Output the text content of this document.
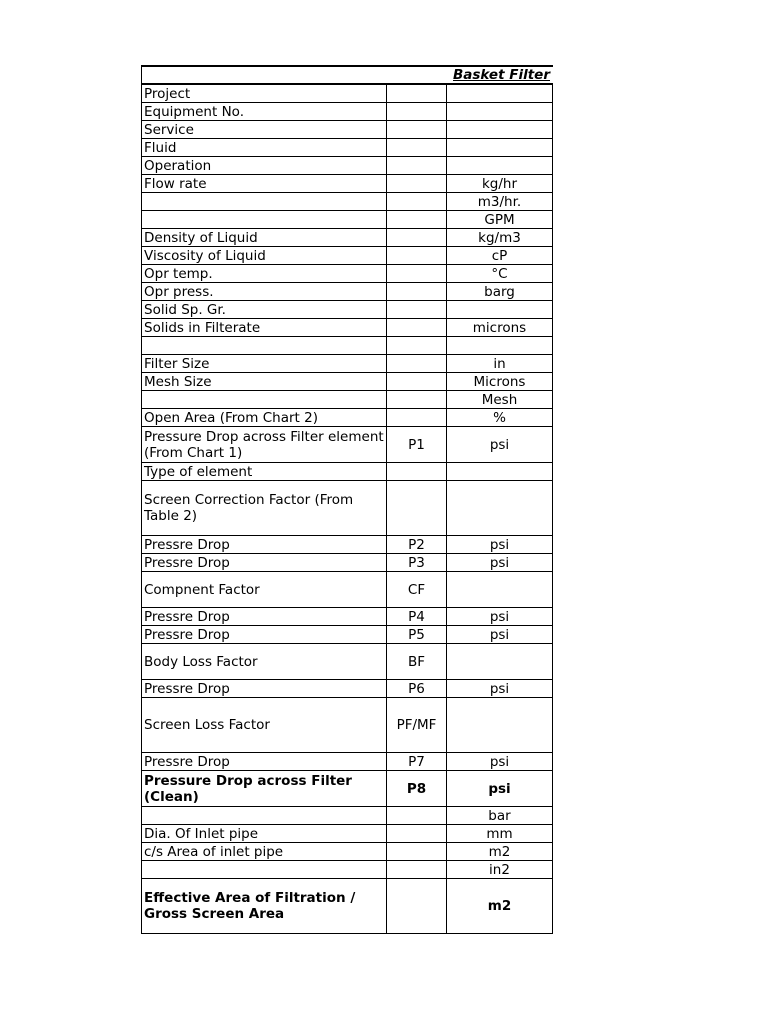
Basket Filter
Project		
Equipment No.		
Service		
Fluid		
Operation		
Flow rate		kg/hr
		m3/hr.
		GPM
Density of Liquid		kg/m3
Viscosity of Liquid		cP
Opr temp.		°C
Opr press.		barg
Solid Sp. Gr.		
Solids in Filterate		microns

Filter Size		in
Mesh Size		Microns
		Mesh
Open Area (From Chart 2)		%
Pressure Drop across Filter element (From Chart 1)	P1	psi
Type of element		
Screen Correction Factor (From Table 2)		
Pressre Drop	P2	psi
Pressre Drop	P3	psi
Compnent Factor	CF	
Pressre Drop	P4	psi
Pressre Drop	P5	psi
Body Loss Factor	BF	
Pressre Drop	P6	psi
Screen Loss Factor	PF/MF	
Pressre Drop	P7	psi
Pressure Drop across Filter (Clean)	P8	psi
		bar
Dia. Of Inlet pipe		mm
c/s Area of inlet pipe		m2
		in2
Effective Area of Filtration / Gross Screen Area		m2
